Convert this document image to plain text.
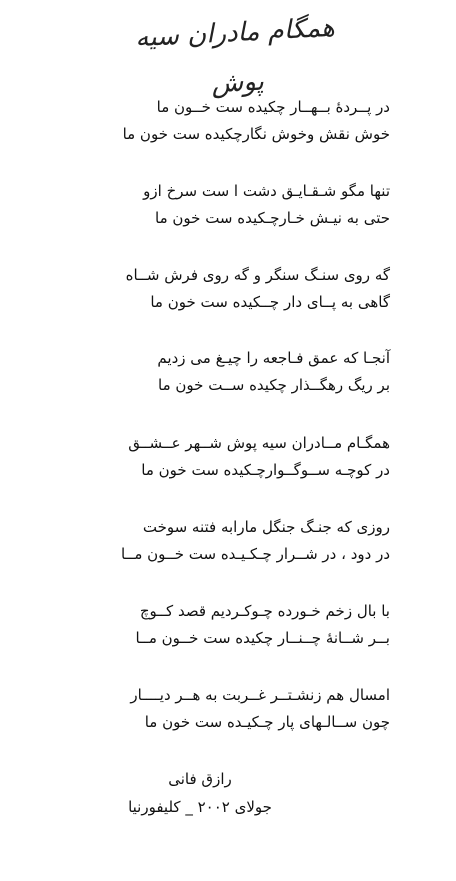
همگام مادران سیه پوش
در پــردهٔ بــهــار چکیده ست خــون ما
خوش نقش وخوش نگارچکیده ست خون ما
تنها مگو شـقـایـق دشت ا ست سرخ ازو
حتی به نیـش خـارچـکیده ست خون ما
گه روی سنـگ سنگر و گه روی فرش شــاه
گاهی به پــای دار چــکیده ست خون ما
آنجـا که عمق فـاجعه را چیـغ می زدیم
بر ریگ رهگــذار چکیده ســت خون ما
همگـام مــادران سیه پوش شــهر عــشــق
در کوچـه ســوگــوارچـکیده ست خون ما
روزی که جنـگ جنگل مارابه فتنه سوخت
در دود ، در شــرار چـکـیـده ست خــون مــا
با بال زخم خـورده چـوکـردیم قصد کــوچ
بــر شــانهٔ چــنــار چکیده ست خــون مــا
امسال هم زنشـتــر غــربت به هــر دیــــار
چون ســالـهای پار چـکیـده ست خون ما
رازق فانی
جولای ۲۰۰۲ _ کلیفورنیا
